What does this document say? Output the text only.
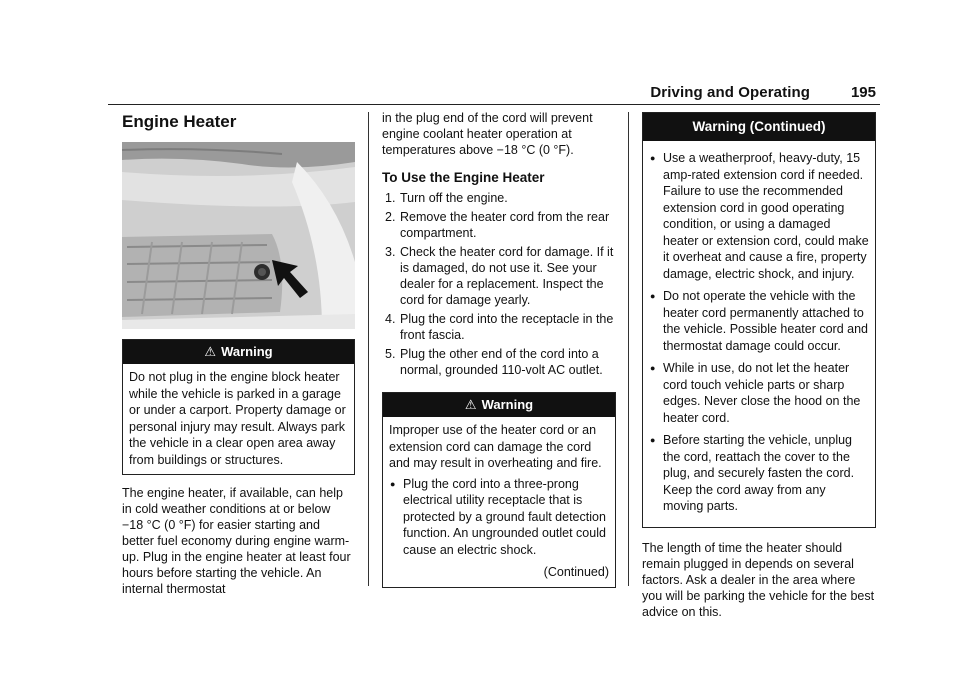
Driving and Operating	195
Engine Heater
⚠ Warning
Do not plug in the engine block heater while the vehicle is parked in a garage or under a carport. Property damage or personal injury may result. Always park the vehicle in a clear open area away from buildings or structures.

The engine heater, if available, can help in cold weather conditions at or below −18 °C (0 °F) for easier starting and better fuel economy during engine warm-up. Plug in the engine heater at least four hours before starting the vehicle. An internal thermostat

in the plug end of the cord will prevent engine coolant heater operation at temperatures above −18 °C (0 °F).

To Use the Engine Heater
1. Turn off the engine.
2. Remove the heater cord from the rear compartment.
3. Check the heater cord for damage. If it is damaged, do not use it. See your dealer for a replacement. Inspect the cord for damage yearly.
4. Plug the cord into the receptacle in the front fascia.
5. Plug the other end of the cord into a normal, grounded 110-volt AC outlet.
⚠ Warning

Improper use of the heater cord or an extension cord can damage the cord and may result in overheating and fire.

● Plug the cord into a three-prong electrical utility receptacle that is protected by a ground fault detection function. An ungrounded outlet could cause an electric shock.
(Continued)
Warning (Continued)
● Use a weatherproof, heavy-duty, 15 amp-rated extension cord if needed. Failure to use the recommended extension cord in good operating condition, or using a damaged heater or extension cord, could make it overheat and cause a fire, property damage, electric shock, and injury.
● Do not operate the vehicle with the heater cord permanently attached to the vehicle. Possible heater cord and thermostat damage could occur.
● While in use, do not let the heater cord touch vehicle parts or sharp edges. Never close the hood on the heater cord.
● Before starting the vehicle, unplug the cord, reattach the cover to the plug, and securely fasten the cord. Keep the cord away from any moving parts.

The length of time the heater should remain plugged in depends on several factors. Ask a dealer in the area where you will be parking the vehicle for the best advice on this.
